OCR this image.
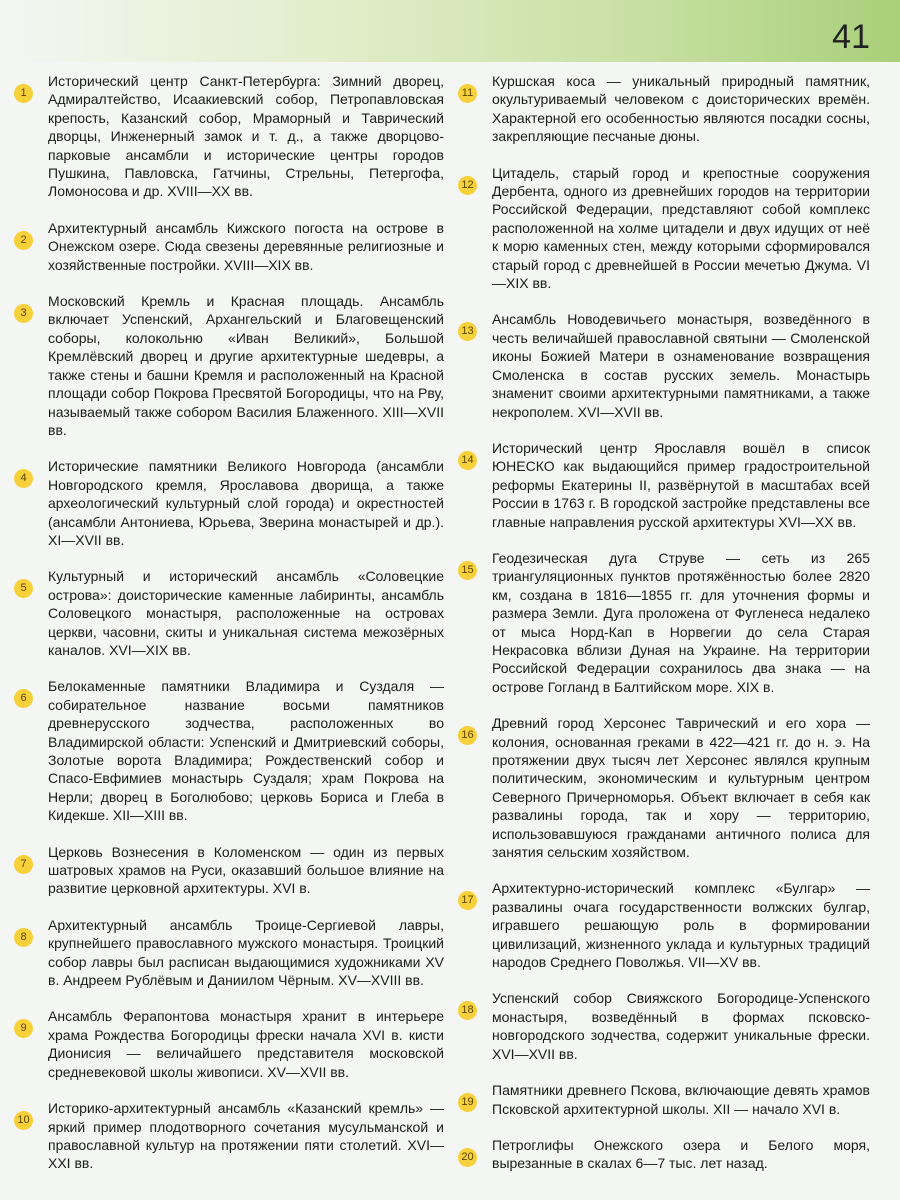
41
1
Исторический центр Санкт-Петербурга: Зимний дворец, Адмиралтейство, Исаакиевский собор, Петропавловская крепость, Казанский собор, Мраморный и Таврический дворцы, Инженерный замок и т. д., а также дворцово-парковые ансамбли и исторические центры городов Пушкина, Павловска, Гатчины, Стрельны, Петергофа, Ломоносова и др. XVIII—XX вв.
2
Архитектурный ансамбль Кижского погоста на острове в Онежском озере. Сюда свезены деревянные религиозные и хозяйственные постройки. XVIII—XIX вв.
3
Московский Кремль и Красная площадь. Ансамбль включает Успенский, Архангельский и Благовещенский соборы, колокольню «Иван Великий», Большой Кремлёвский дворец и другие архитектурные шедевры, а также стены и башни Кремля и расположенный на Красной площади собор Покрова Пресвятой Богородицы, что на Рву, называемый также собором Василия Блаженного. XIII—XVII вв.
4
Исторические памятники Великого Новгорода (ансамбли Новгородского кремля, Ярославова дворища, а также археологический культурный слой города) и окрестностей (ансамбли Антониева, Юрьева, Зверина монастырей и др.). XI—XVII вв.
5
Культурный и исторический ансамбль «Соловецкие острова»: доисторические каменные лабиринты, ансамбль Соловецкого монастыря, расположенные на островах церкви, часовни, скиты и уникальная система межозёрных каналов. XVI—XIX вв.
6
Белокаменные памятники Владимира и Суздаля — собирательное название восьми памятников древнерусского зодчества, расположенных во Владимирской области: Успенский и Дмитриевский соборы, Золотые ворота Владимира; Рождественский собор и Спасо-Евфимиев монастырь Суздаля; храм Покрова на Нерли; дворец в Боголюбово; церковь Бориса и Глеба в Кидекше. XII—XIII вв.
7
Церковь Вознесения в Коломенском — один из первых шатровых храмов на Руси, оказавший большое влияние на развитие церковной архитектуры. XVI в.
8
Архитектурный ансамбль Троице-Сергиевой лавры, крупнейшего православного мужского монастыря. Троицкий собор лавры был расписан выдающимися художниками XV в. Андреем Рублёвым и Даниилом Чёрным. XV—XVIII вв.
9
Ансамбль Ферапонтова монастыря хранит в интерьере храма Рождества Богородицы фрески начала XVI в. кисти Дионисия — величайшего представителя московской средневековой школы живописи. XV—XVII вв.
10
Историко-архитектурный ансамбль «Казанский кремль» — яркий пример плодотворного сочетания мусульманской и православной культур на протяжении пяти столетий. XVI—XXI вв.
11
Куршская коса — уникальный природный памятник, окультуриваемый человеком с доисторических времён. Характерной его особенностью являются посадки сосны, закрепляющие песчаные дюны.
12
Цитадель, старый город и крепостные сооружения Дербента, одного из древнейших городов на территории Российской Федерации, представляют собой комплекс расположенной на холме цитадели и двух идущих от неё к морю каменных стен, между которыми сформировался старый город с древнейшей в России мечетью Джума. VI—XIX вв.
13
Ансамбль Новодевичьего монастыря, возведённого в честь величайшей православной святыни — Смоленской иконы Божией Матери в ознаменование возвращения Смоленска в состав русских земель. Монастырь знаменит своими архитектурными памятниками, а также некрополем. XVI—XVII вв.
14
Исторический центр Ярославля вошёл в список ЮНЕСКО как выдающийся пример градостроительной реформы Екатерины II, развёрнутой в масштабах всей России в 1763 г. В городской застройке представлены все главные направления русской архитектуры XVI—XX вв.
15
Геодезическая дуга Струве — сеть из 265 триангуляционных пунктов протяжённостью более 2820 км, создана в 1816—1855 гг. для уточнения формы и размера Земли. Дуга проложена от Фугленеса недалеко от мыса Норд-Кап в Норвегии до села Старая Некрасовка вблизи Дуная на Украине. На территории Российской Федерации сохранилось два знака — на острове Гогланд в Балтийском море. XIX в.
16
Древний город Херсонес Таврический и его хора — колония, основанная греками в 422—421 гг. до н. э. На протяжении двух тысяч лет Херсонес являлся крупным политическим, экономическим и культурным центром Северного Причерноморья. Объект включает в себя как развалины города, так и хору — территорию, использовавшуюся гражданами античного полиса для занятия сельским хозяйством.
17
Архитектурно-исторический комплекс «Булгар» — развалины очага государственности волжских булгар, игравшего решающую роль в формировании цивилизаций, жизненного уклада и культурных традиций народов Среднего Поволжья. VII—XV вв.
18
Успенский собор Свияжского Богородице-Успенского монастыря, возведённый в формах псковско-новгородского зодчества, содержит уникальные фрески. XVI—XVII вв.
19
Памятники древнего Пскова, включающие девять храмов Псковской архитектурной школы. XII — начало XVI в.
20
Петроглифы Онежского озера и Белого моря, вырезанные в скалах 6—7 тыс. лет назад.
